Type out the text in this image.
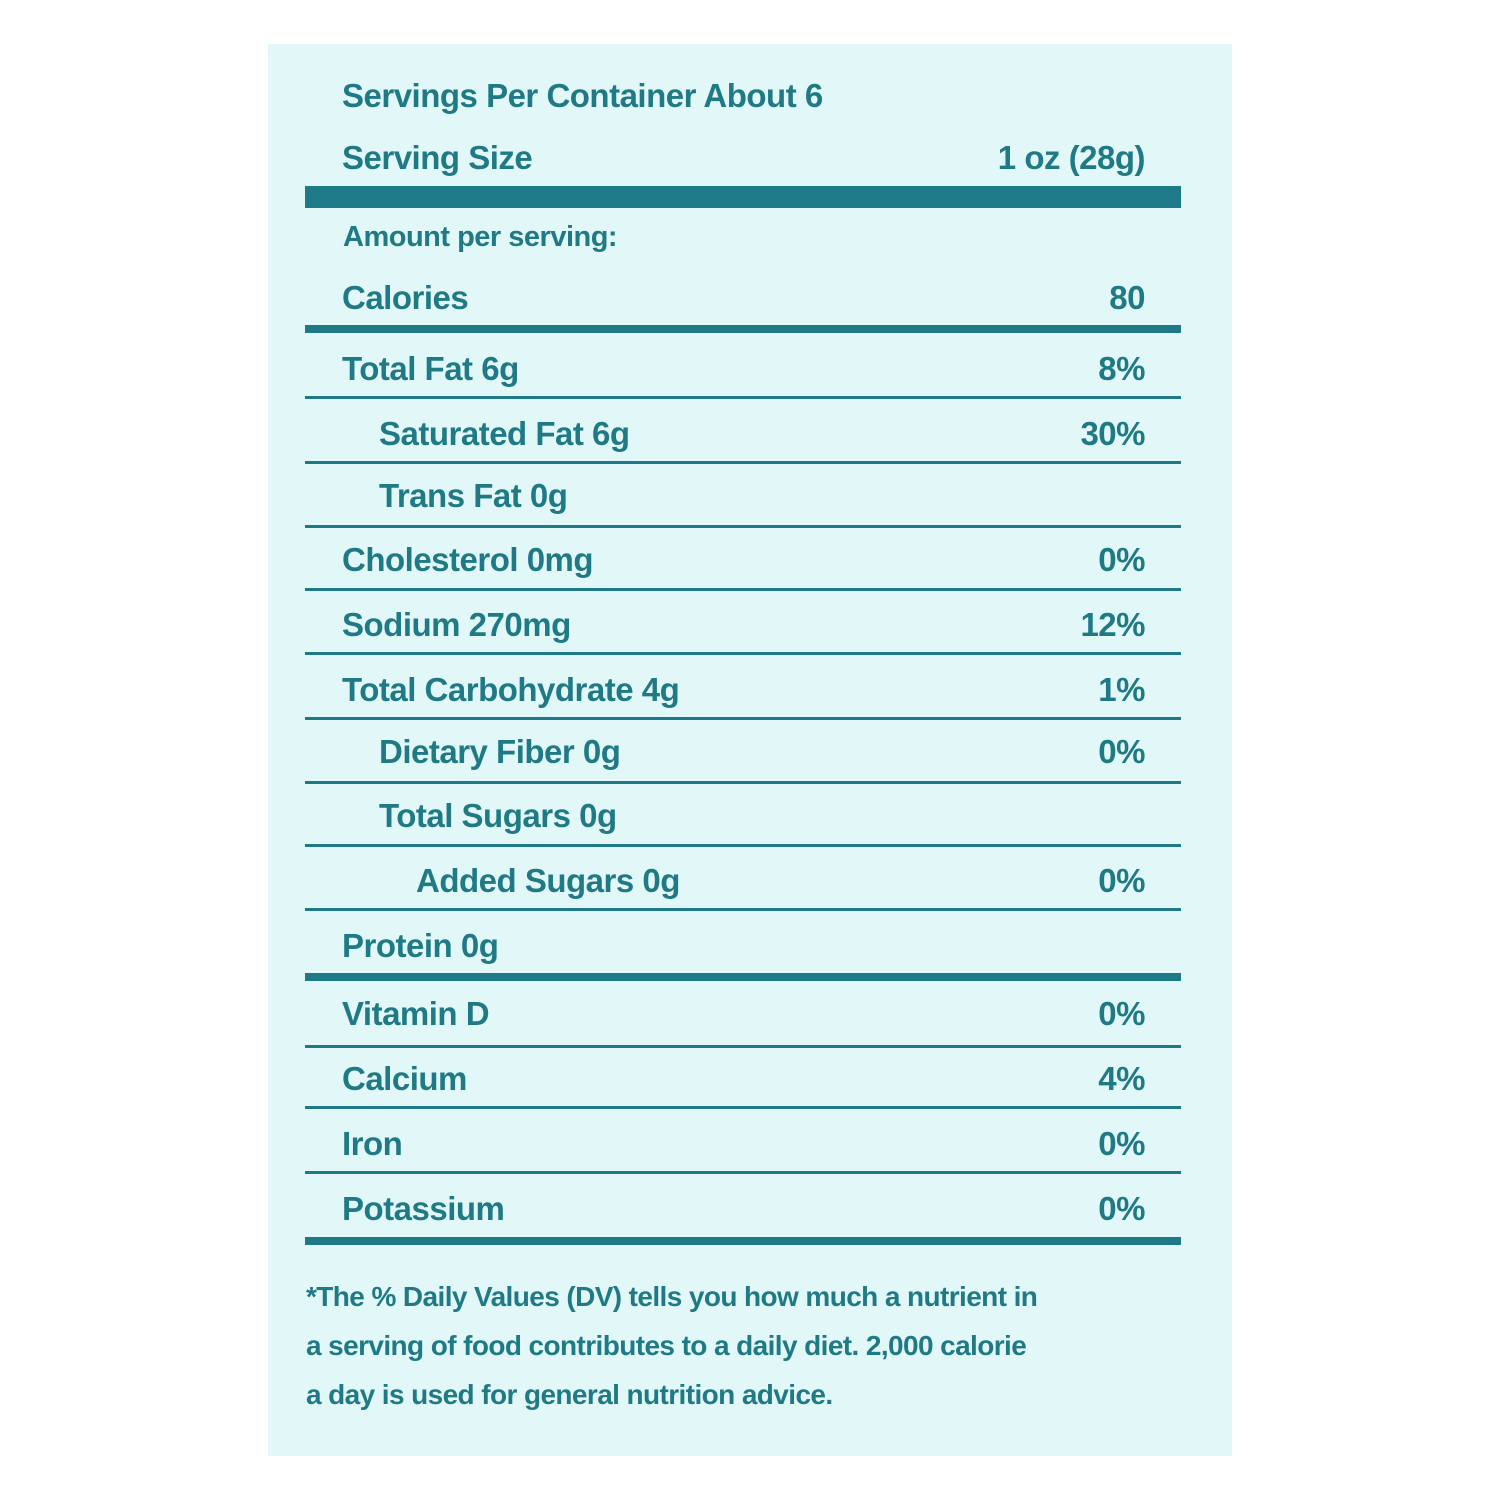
Servings Per Container About 6
Serving Size	1 oz (28g)
Amount per serving:
Calories	80
Total Fat 6g	8%
Saturated Fat 6g	30%
Trans Fat 0g
Cholesterol 0mg	0%
Sodium 270mg	12%
Total Carbohydrate 4g	1%
Dietary Fiber 0g	0%
Total Sugars 0g
Added Sugars 0g	0%
Protein 0g
Vitamin D	0%
Calcium	4%
Iron	0%
Potassium	0%
*The % Daily Values (DV) tells you how much a nutrient in
a serving of food contributes to a daily diet. 2,000 calorie
a day is used for general nutrition advice.
